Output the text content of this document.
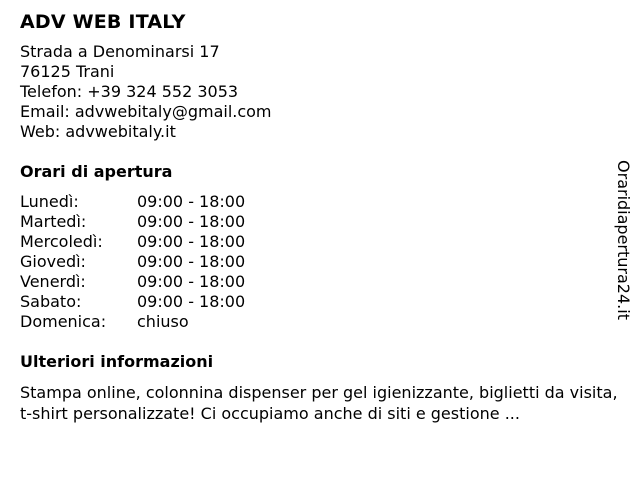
ADV WEB ITALY
Strada a Denominarsi 17
76125 Trani
Telefon: +39 324 552 3053
Email: advwebitaly@gmail.com
Web: advwebitaly.it
Orari di apertura
Lunedì:	09:00 - 18:00
Martedì:	09:00 - 18:00
Mercoledì:	09:00 - 18:00
Giovedì:	09:00 - 18:00
Venerdì:	09:00 - 18:00
Sabato:	09:00 - 18:00
Domenica:	chiuso
Ulteriori informazioni
Stampa online, colonnina dispenser per gel igienizzante, biglietti da visita, t-shirt personalizzate! Ci occupiamo anche di siti e gestione ...
Oraridiapertura24.it
